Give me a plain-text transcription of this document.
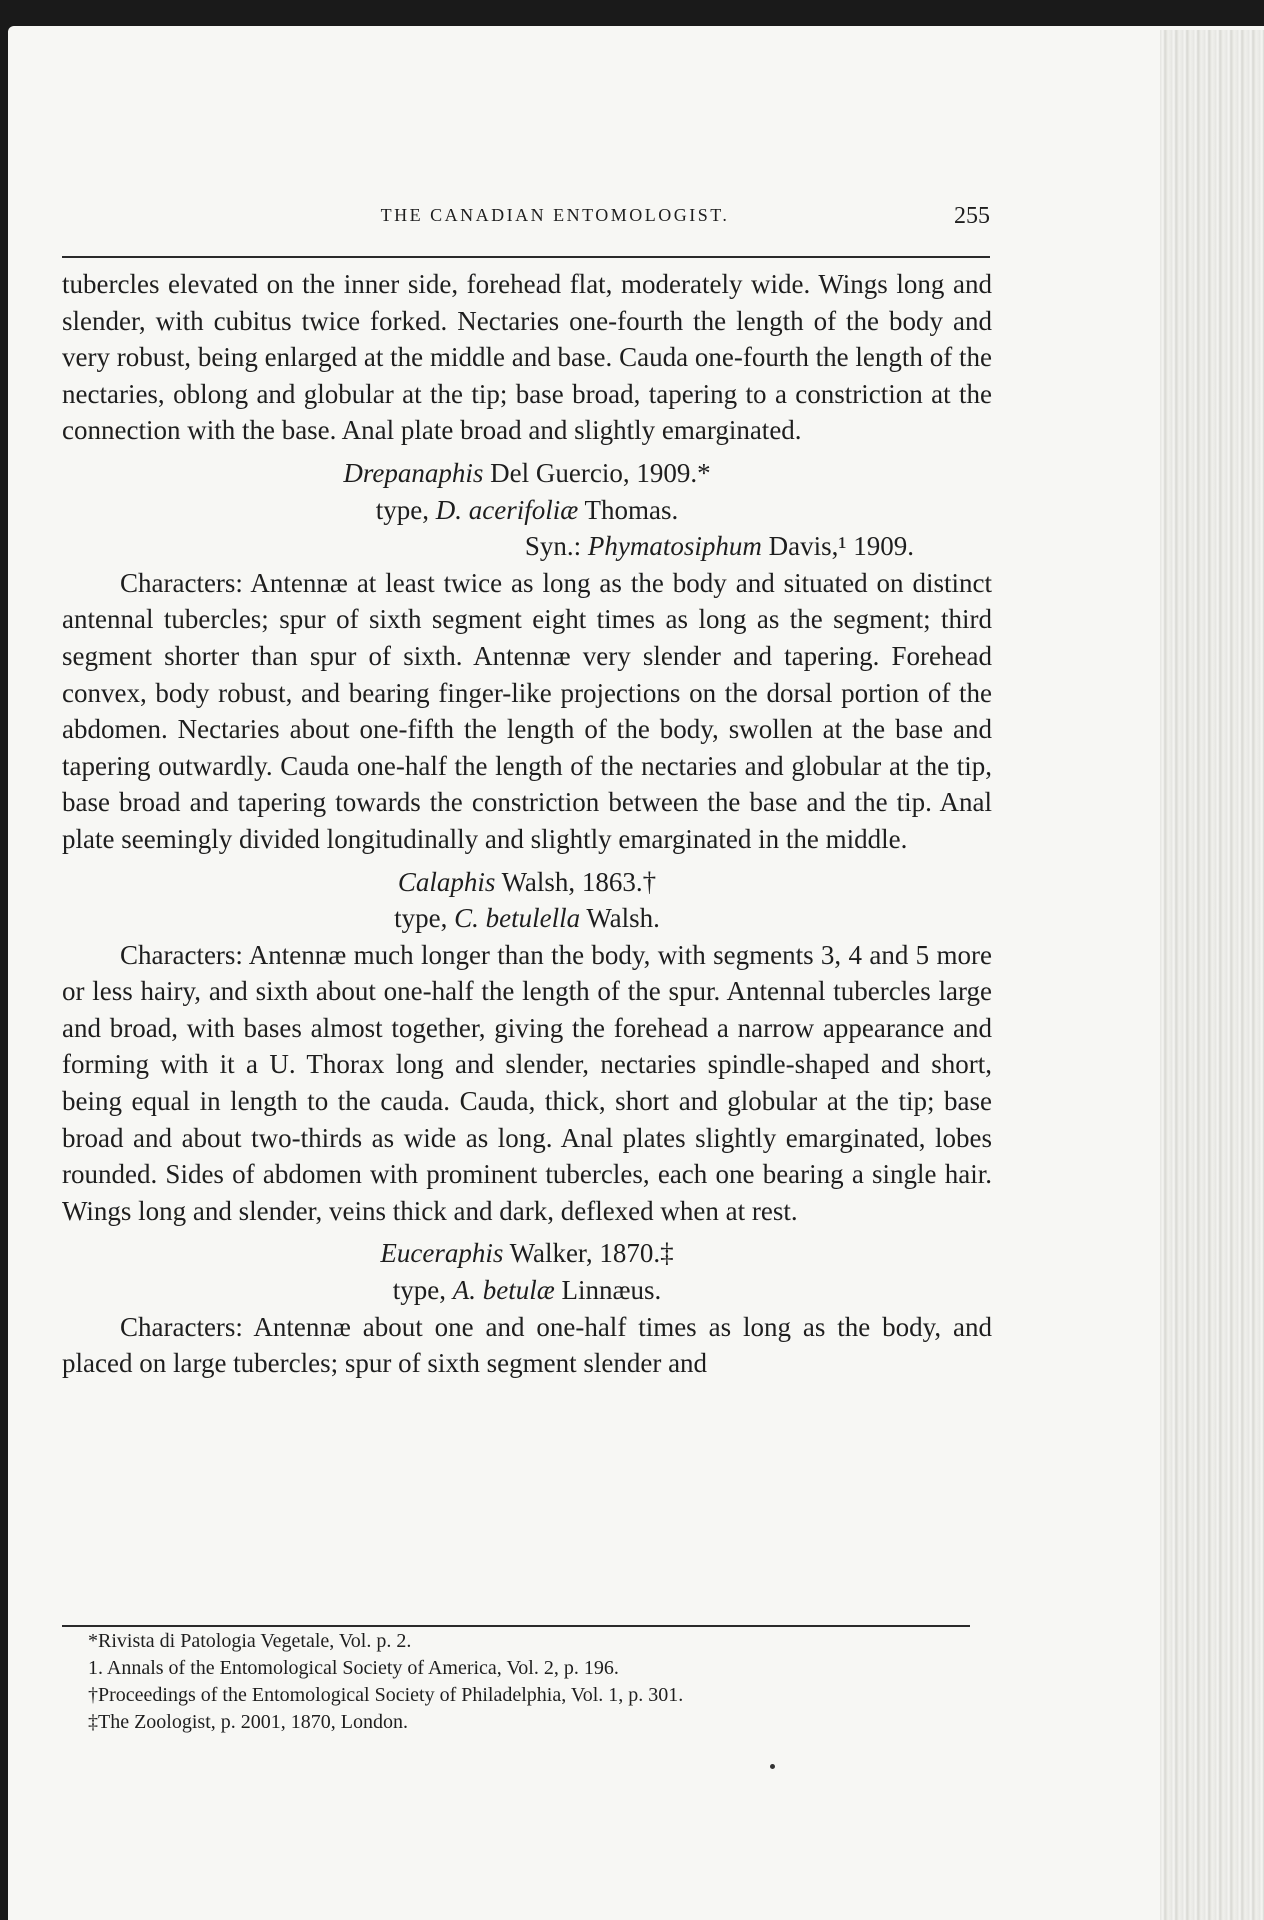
THE CANADIAN ENTOMOLOGIST.	255

tubercles elevated on the inner side, forehead flat, moderately wide. Wings long and slender, with cubitus twice forked. Nectaries one-fourth the length of the body and very robust, being enlarged at the middle and base. Cauda one-fourth the length of the nectaries, oblong and globular at the tip; base broad, tapering to a constriction at the connection with the base. Anal plate broad and slightly emarginated.

Drepanaphis Del Guercio, 1909.*
type, D. acerifoliæ Thomas.
Syn.: Phymatosiphum Davis,¹ 1909.

Characters: Antennæ at least twice as long as the body and situated on distinct antennal tubercles; spur of sixth segment eight times as long as the segment; third segment shorter than spur of sixth. Antennæ very slender and tapering. Forehead convex, body robust, and bearing finger-like projections on the dorsal portion of the abdomen. Nectaries about one-fifth the length of the body, swollen at the base and tapering outwardly. Cauda one-half the length of the nectaries and globular at the tip, base broad and tapering towards the constriction between the base and the tip. Anal plate seemingly divided longitudinally and slightly emarginated in the middle.

Calaphis Walsh, 1863.†
type, C. betulella Walsh.

Characters: Antennæ much longer than the body, with segments 3, 4 and 5 more or less hairy, and sixth about one-half the length of the spur. Antennal tubercles large and broad, with bases almost together, giving the forehead a narrow appearance and forming with it a U. Thorax long and slender, nectaries spindle-shaped and short, being equal in length to the cauda. Cauda, thick, short and globular at the tip; base broad and about two-thirds as wide as long. Anal plates slightly emarginated, lobes rounded. Sides of abdomen with prominent tubercles, each one bearing a single hair. Wings long and slender, veins thick and dark, deflexed when at rest.

Euceraphis Walker, 1870.‡
type, A. betulæ Linnæus.

Characters: Antennæ about one and one-half times as long as the body, and placed on large tubercles; spur of sixth segment slender and

*Rivista di Patologia Vegetale, Vol. p. 2.
1. Annals of the Entomological Society of America, Vol. 2, p. 196.
†Proceedings of the Entomological Society of Philadelphia, Vol. 1, p. 301.
‡The Zoologist, p. 2001, 1870, London.
